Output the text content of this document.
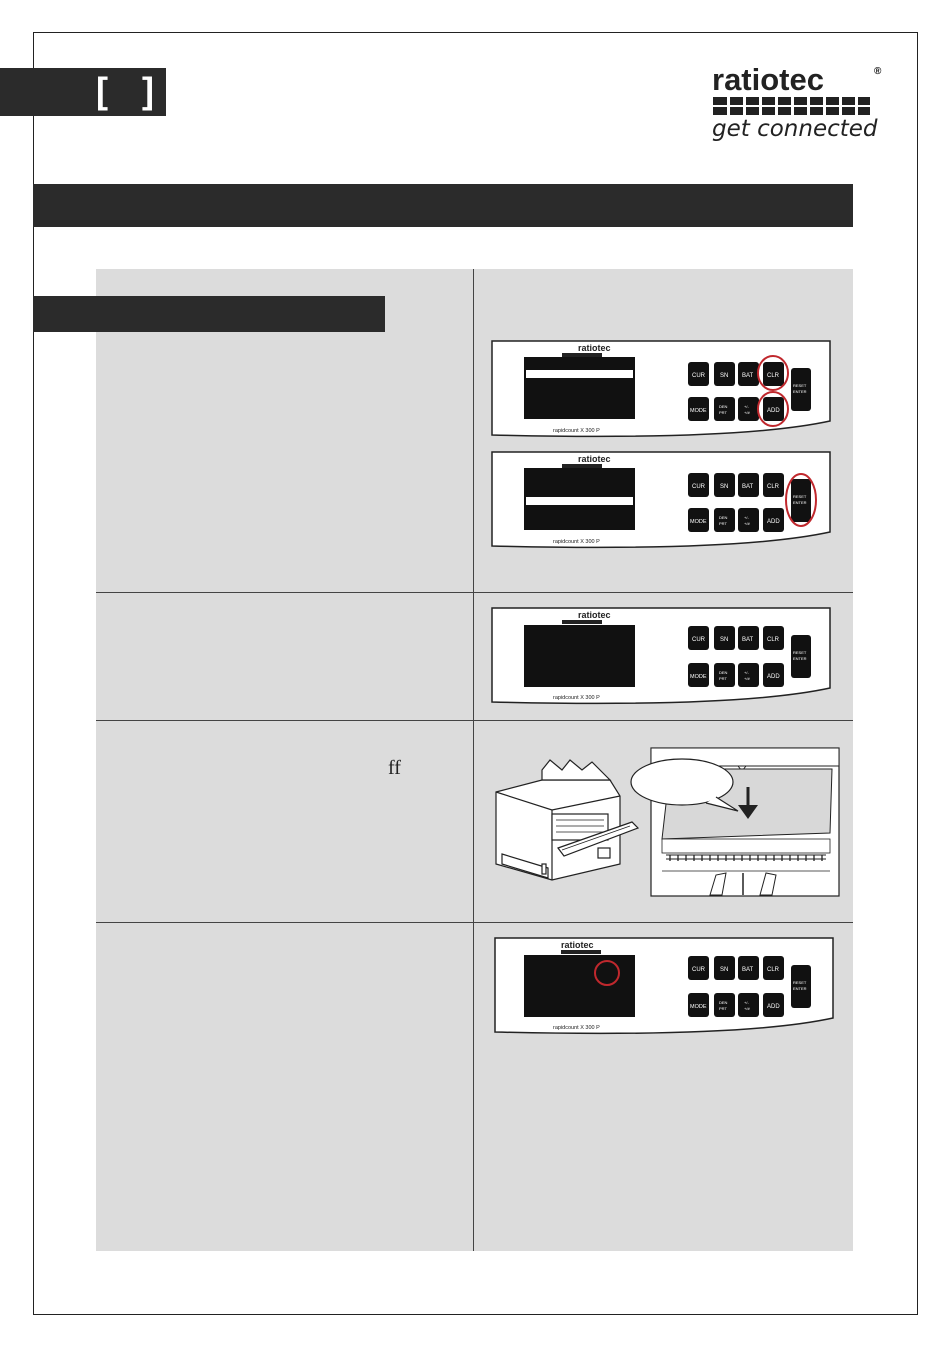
[ ]	ratiotec	®
get connected
ff
ratiotec
rapidcount X 300 P
CUR	SN BAT CLR
MODE
DEN
PRT
+/-
+/#	ADD
RESET
ENTER
ratiotec
rapidcount X 300 P
CUR	SN BAT CLR
MODE
DEN
PRT
+/-
+/#	ADD
RESET
ENTER
ratiotec
rapidcount X 300 P
CUR	SN BAT CLR
MODE
DEN
PRT
+/-
+/#	ADD
RESET
ENTER
ratiotec
rapidcount X 300 P
CUR	SN BAT CLR
MODE
DEN
PRT
+/-
+/#	ADD
RESET
ENTER
